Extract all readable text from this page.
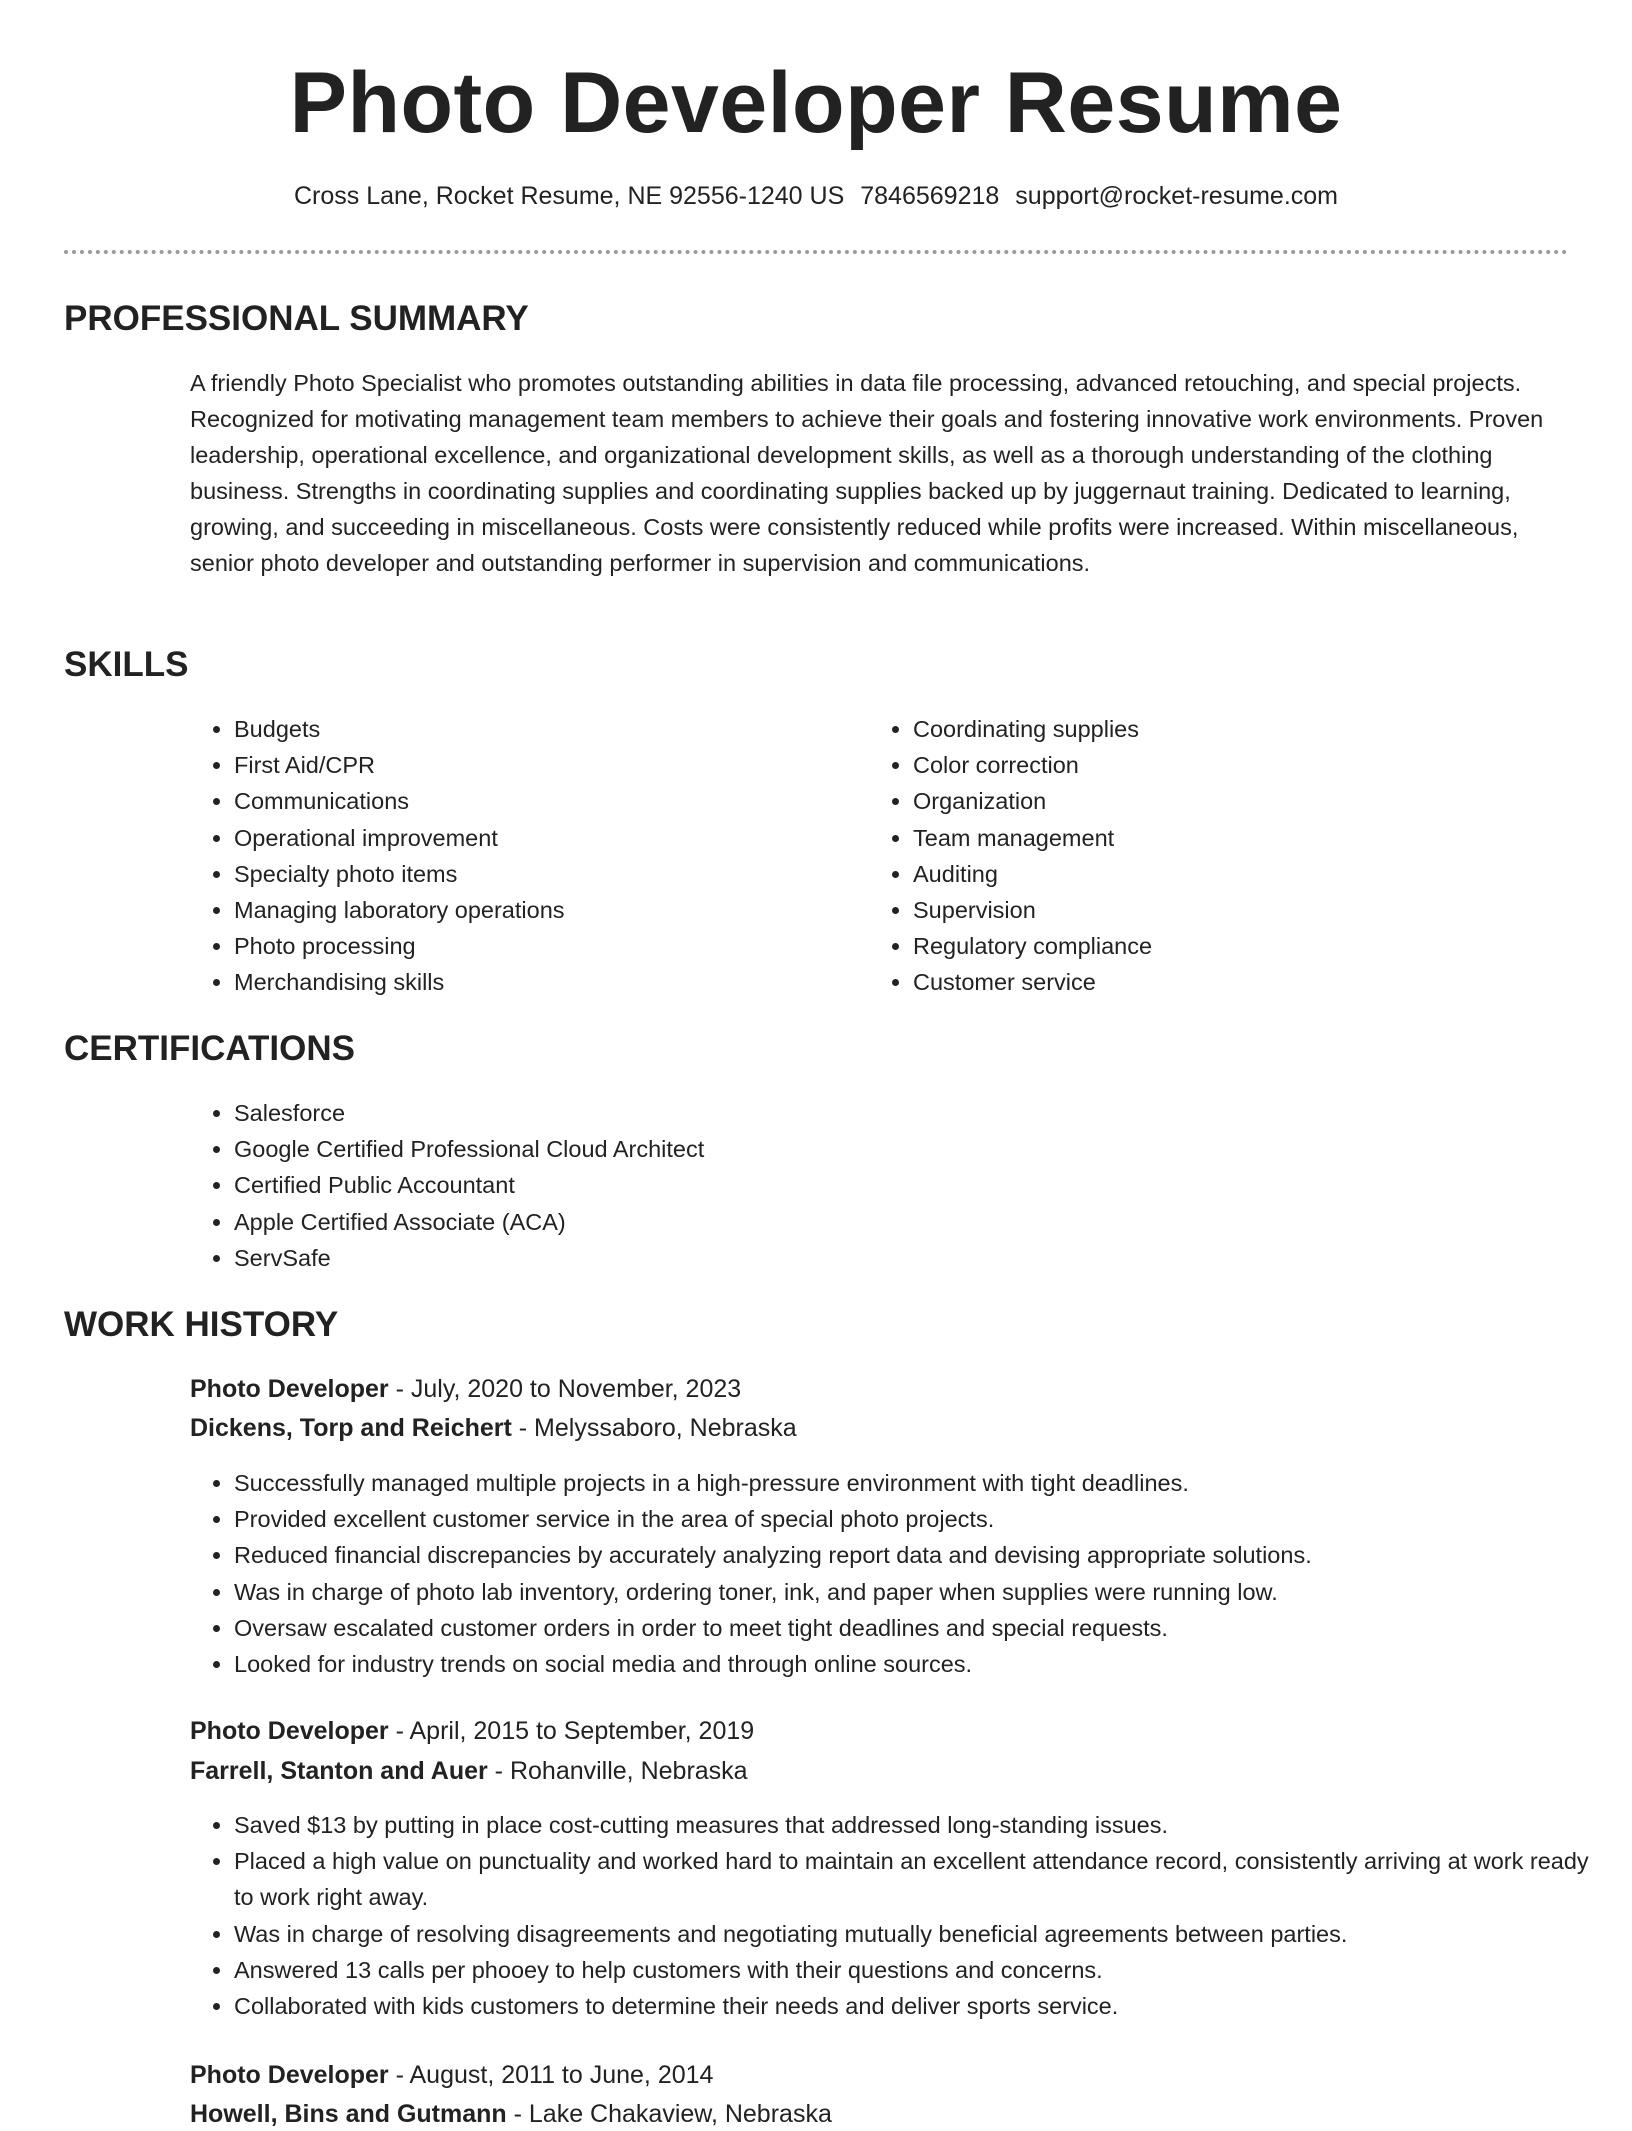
Photo Developer Resume
Cross Lane, Rocket Resume, NE 92556-1240 US 7846569218 support@rocket-resume.com
PROFESSIONAL SUMMARY

A friendly Photo Specialist who promotes outstanding abilities in data file processing, advanced retouching, and special projects. Recognized for motivating management team members to achieve their goals and fostering innovative work environments. Proven leadership, operational excellence, and organizational development skills, as well as a thorough understanding of the clothing business. Strengths in coordinating supplies and coordinating supplies backed up by juggernaut training. Dedicated to learning, growing, and succeeding in miscellaneous. Costs were consistently reduced while profits were increased. Within miscellaneous, senior photo developer and outstanding performer in supervision and communications.

SKILLS
• Budgets
• First Aid/CPR
• Communications
• Operational improvement
• Specialty photo items
• Managing laboratory operations
• Photo processing
• Merchandising skills
• Coordinating supplies
• Color correction
• Organization
• Team management
• Auditing
• Supervision
• Regulatory compliance
• Customer service
CERTIFICATIONS
• Salesforce
• Google Certified Professional Cloud Architect
• Certified Public Accountant
• Apple Certified Associate (ACA)
• ServSafe
WORK HISTORY
Photo Developer - July, 2020 to November, 2023
Dickens, Torp and Reichert - Melyssaboro, Nebraska
• Successfully managed multiple projects in a high-pressure environment with tight deadlines.
• Provided excellent customer service in the area of special photo projects.
• Reduced financial discrepancies by accurately analyzing report data and devising appropriate solutions.
• Was in charge of photo lab inventory, ordering toner, ink, and paper when supplies were running low.
• Oversaw escalated customer orders in order to meet tight deadlines and special requests.
• Looked for industry trends on social media and through online sources.
Photo Developer - April, 2015 to September, 2019
Farrell, Stanton and Auer - Rohanville, Nebraska
• Saved $13 by putting in place cost-cutting measures that addressed long-standing issues.
• Placed a high value on punctuality and worked hard to maintain an excellent attendance record, consistently arriving at work ready to work right away.
• Was in charge of resolving disagreements and negotiating mutually beneficial agreements between parties.
• Answered 13 calls per phooey to help customers with their questions and concerns.
• Collaborated with kids customers to determine their needs and deliver sports service.
Photo Developer - August, 2011 to June, 2014
Howell, Bins and Gutmann - Lake Chakaview, Nebraska
